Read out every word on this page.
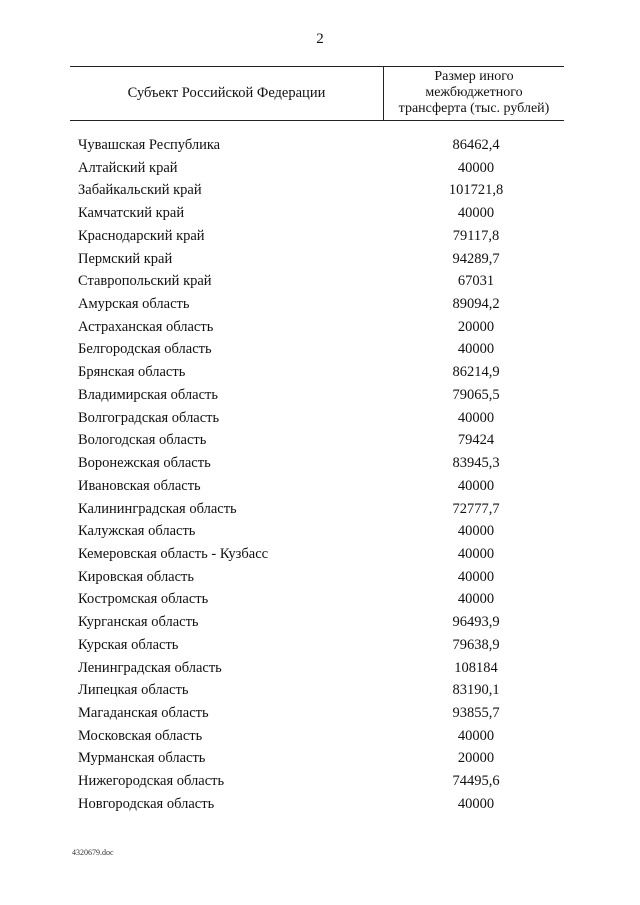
2
Субъект Российской Федерации
Размер иного
межбюджетного
трансферта (тыс. рублей)
Чувашская Республика	86462,4
Алтайский край	40000
Забайкальский край	101721,8
Камчатский край	40000
Краснодарский край	79117,8
Пермский край	94289,7
Ставропольский край	67031
Амурская область	89094,2
Астраханская область	20000
Белгородская область	40000
Брянская область	86214,9
Владимирская область	79065,5
Волгоградская область	40000
Вологодская область	79424
Воронежская область	83945,3
Ивановская область	40000
Калининградская область	72777,7
Калужская область	40000
Кемеровская область - Кузбасс	40000
Кировская область	40000
Костромская область	40000
Курганская область	96493,9
Курская область	79638,9
Ленинградская область	108184
Липецкая область	83190,1
Магаданская область	93855,7
Московская область	40000
Мурманская область	20000
Нижегородская область	74495,6
Новгородская область	40000
4320679.doc
